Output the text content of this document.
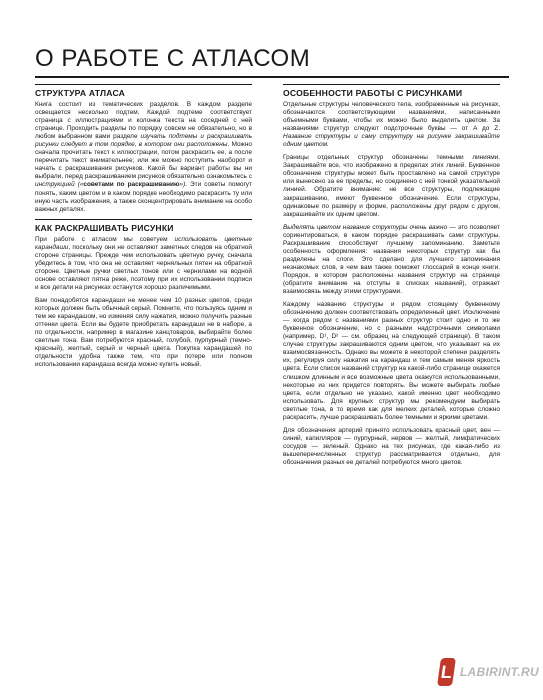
О РАБОТЕ С АТЛАСОМ
СТРУКТУРА АТЛАСА

Книга состоит из тематических разделов. В каждом разделе освещается несколько подтем. Каждой подтеме соответствует страница с иллюстрациями и колонка текста на соседней с ней странице. Проходить разделы по порядку совсем не обязательно, но в любом выбранном вами разделе изучать подтемы и раскрашивать рисунки следует в том порядке, в котором они расположены. Можно сначала прочитать текст к иллюстрации, потом раскрасить ее, а после перечитать текст внимательнее; или же можно поступить наоборот и начать с раскрашивания рисунков. Какой бы вариант работы вы ни выбрали, перед раскрашиванием рисунков обязательно ознакомьтесь с инструкцией («советами по раскрашиванию»). Эти советы помогут понять, каким цветом и в каком порядке необходимо раскрасить ту или иную часть изображения, а также сконцентрировать внимание на особо важных деталях.

КАК РАСКРАШИВАТЬ РИСУНКИ

При работе с атласом мы советуем использовать цветные карандаши, поскольку они не оставляют заметных следов на обратной стороне страницы. Прежде чем использовать цветную ручку, сначала убедитесь в том, что она не оставляет черняльных пятен на обратной стороне. Цветные ручки светлых тонов или с чернилами на водной основе оставляют пятна реже, поэтому при их использовании подписи и все детали на рисунках останутся хорошо различимыми.

Вам понадобятся карандаши не менее чем 10 разных цветов, среди которых должен быть обычный серый. Помните, что пользуясь одним и тем же карандашом, но изменяя силу нажатия, можно получить разные оттенки цвета. Если вы будете приобретать карандаши не в наборе, а по отдельности, например в магазине канцтоваров, выбирайте более светлые тона. Вам потребуются красный, голубой, пурпурный (темно-красный), желтый, серый и черный цвета. Покупка карандашей по отдельности удобна также тем, что при потере или полном использовании карандаша всегда можно купить новый.

ОСОБЕННОСТИ РАБОТЫ С РИСУНКАМИ

Отдельные структуры человеческого тела, изображенные на рисунках, обозначаются соответствующими названиями, написанными объемными буквами, чтобы их можно было выделить цветом. За названиями структур следуют подстрочные буквы — от A до Z. Название структуры и саму структуру на рисунке закрашивайте одним цветом.

Границы отдельных структур обозначены темными линиями. Закрашивайте все, что изображено в пределах этих линий. Буквенное обозначение структуры может быть проставлено на самой структуре или вынесено за ее пределы, но соединено с ней тонкой указательной линией. Обратите внимание: не все структуры, подлежащие закрашиванию, имеют буквенное обозначение. Если структуры, одинаковые по размеру и форме, расположены друг рядом с другом, закрашивайте их одним цветом.

Выделять цветом название структуры очень важно — это позволяет сориентироваться, в каком порядке раскрашивать сами структуры. Раскрашивание способствует лучшему запоминанию. Заметьте особенность оформления: названия некоторых структур как бы разделены на слоги. Это сделано для лучшего запоминания незнакомых слов, в чем вам также поможет глоссарий в конце книги. Порядок, в котором расположены названия структур на странице (обратите внимание на отступы в списках названий), отражает взаимосвязь между этими структурами.

Каждому названию структуры и рядом стоящему буквенному обозначению должен соответствовать определенный цвет. Исключение — когда рядом с названиями разных структур стоит одно и то же буквенное обозначение, но с разными надстрочными символами (например, D¹, D² — см. образец на следующей странице). В таком случае структуры закрашиваются одним цветом, что указывает на их взаимосвязанность. Однако вы можете в некоторой степени разделять их, регулируя силу нажатия на карандаш и тем самым меняя яркость цвета. Если список названий структур на какой-либо странице окажется слишком длинным и все возможные цвета окажутся использованными, некоторые из них придется повторять. Вы можете выбирать любые цвета, если отдельно не указано, какой именно цвет необходимо использовать. Для крупных структур мы рекомендуем выбирать светлые тона, в то время как для мелких деталей, которые сложно раскрасить, лучше раскрашивать более темными и яркими цветами.

Для обозначения артерий принято использовать красный цвет, вен — синий, капилляров — пурпурный, нервов — желтый, лимфатических сосудов — зеленый. Однако на тех рисунках, где какая-либо из вышеперечисленных структур рассматривается отдельно, для обозначения разных ее деталей потребуются много цветов.

L LABIRINT.RU
